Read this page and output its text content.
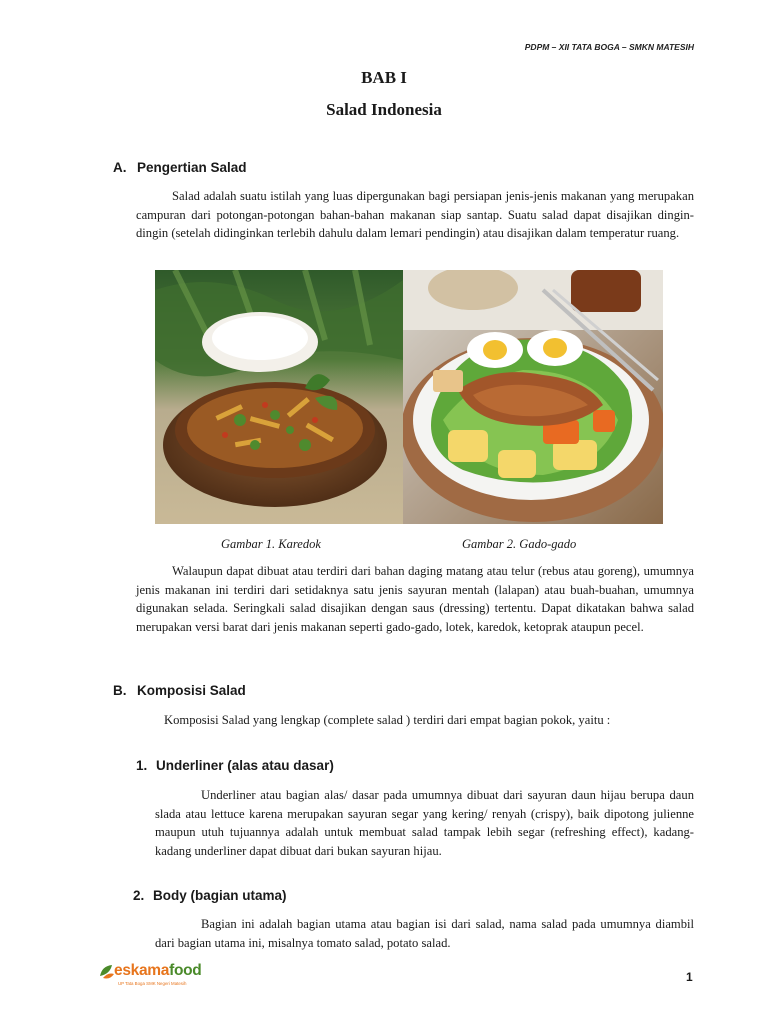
PDPM – XII TATA BOGA – SMKN MATESIH
BAB I
Salad Indonesia
A. Pengertian Salad

Salad adalah suatu istilah yang luas dipergunakan bagi persiapan jenis-jenis makanan yang merupakan campuran dari potongan-potongan bahan-bahan makanan siap santap. Suatu salad dapat disajikan dingin-dingin (setelah didinginkan terlebih dahulu dalam lemari pendingin) atau disajikan dalam temperatur ruang.

Gambar 1. Karedok	Gambar 2. Gado-gado

Walaupun dapat dibuat atau terdiri dari bahan daging matang atau telur (rebus atau goreng), umumnya jenis makanan ini terdiri dari setidaknya satu jenis sayuran mentah (lalapan) atau buah-buahan, umumnya digunakan selada. Seringkali salad disajikan dengan saus (dressing) tertentu. Dapat dikatakan bahwa salad merupakan versi barat dari jenis makanan seperti gado-gado, lotek, karedok, ketoprak ataupun pecel.

B. Komposisi Salad

Komposisi Salad yang lengkap (complete salad ) terdiri dari empat bagian pokok, yaitu :

1. Underliner (alas atau dasar)

Underliner atau bagian alas/ dasar pada umumnya dibuat dari sayuran daun hijau berupa daun slada atau lettuce karena merupakan sayuran segar yang kering/ renyah (crispy), baik dipotong julienne maupun utuh tujuannya adalah untuk membuat salad tampak lebih segar (refreshing effect), kadang-kadang underliner dapat dibuat dari bukan sayuran hijau.

2. Body (bagian utama)

Bagian ini adalah bagian utama atau bagian isi dari salad, nama salad pada umumnya diambil dari bagian utama ini, misalnya tomato salad, potato salad.

eskamafood
UP Tata Boga SMK Negeri Matesih	1
